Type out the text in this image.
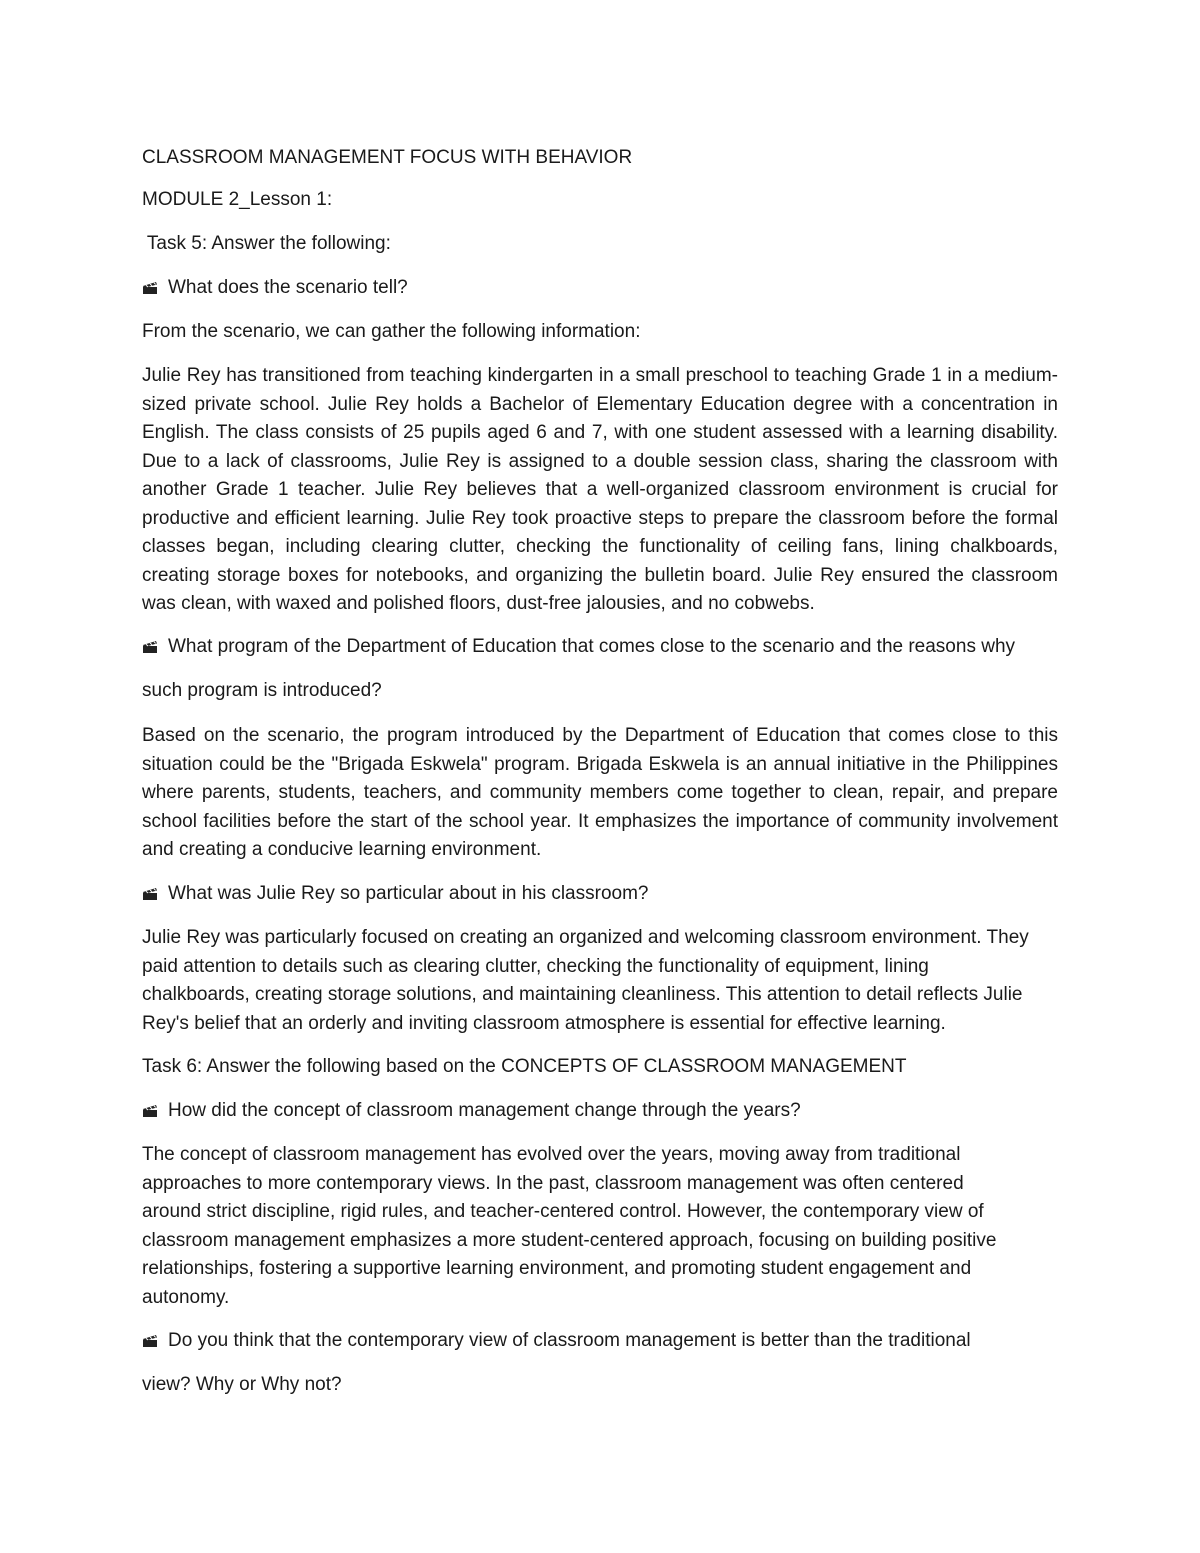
CLASSROOM MANAGEMENT FOCUS WITH BEHAVIOR

MODULE 2_Lesson 1:

Task 5: Answer the following:

What does the scenario tell?

From the scenario, we can gather the following information:

Julie Rey has transitioned from teaching kindergarten in a small preschool to teaching Grade 1 in a medium-sized private school. Julie Rey holds a Bachelor of Elementary Education degree with a concentration in English. The class consists of 25 pupils aged 6 and 7, with one student assessed with a learning disability. Due to a lack of classrooms, Julie Rey is assigned to a double session class, sharing the classroom with another Grade 1 teacher. Julie Rey believes that a well-organized classroom environment is crucial for productive and efficient learning. Julie Rey took proactive steps to prepare the classroom before the formal classes began, including clearing clutter, checking the functionality of ceiling fans, lining chalkboards, creating storage boxes for notebooks, and organizing the bulletin board. Julie Rey ensured the classroom was clean, with waxed and polished floors, dust-free jalousies, and no cobwebs.

What program of the Department of Education that comes close to the scenario and the reasons why

such program is introduced?

Based on the scenario, the program introduced by the Department of Education that comes close to this situation could be the "Brigada Eskwela" program. Brigada Eskwela is an annual initiative in the Philippines where parents, students, teachers, and community members come together to clean, repair, and prepare school facilities before the start of the school year. It emphasizes the importance of community involvement and creating a conducive learning environment.

What was Julie Rey so particular about in his classroom?

Julie Rey was particularly focused on creating an organized and welcoming classroom environment. They

paid attention to details such as clearing clutter, checking the functionality of equipment, lining

chalkboards, creating storage solutions, and maintaining cleanliness. This attention to detail reflects Julie

Rey's belief that an orderly and inviting classroom atmosphere is essential for effective learning.

Task 6: Answer the following based on the CONCEPTS OF CLASSROOM MANAGEMENT

How did the concept of classroom management change through the years?

The concept of classroom management has evolved over the years, moving away from traditional

approaches to more contemporary views. In the past, classroom management was often centered

around strict discipline, rigid rules, and teacher-centered control. However, the contemporary view of

classroom management emphasizes a more student-centered approach, focusing on building positive

relationships, fostering a supportive learning environment, and promoting student engagement and

autonomy.

Do you think that the contemporary view of classroom management is better than the traditional

view? Why or Why not?
